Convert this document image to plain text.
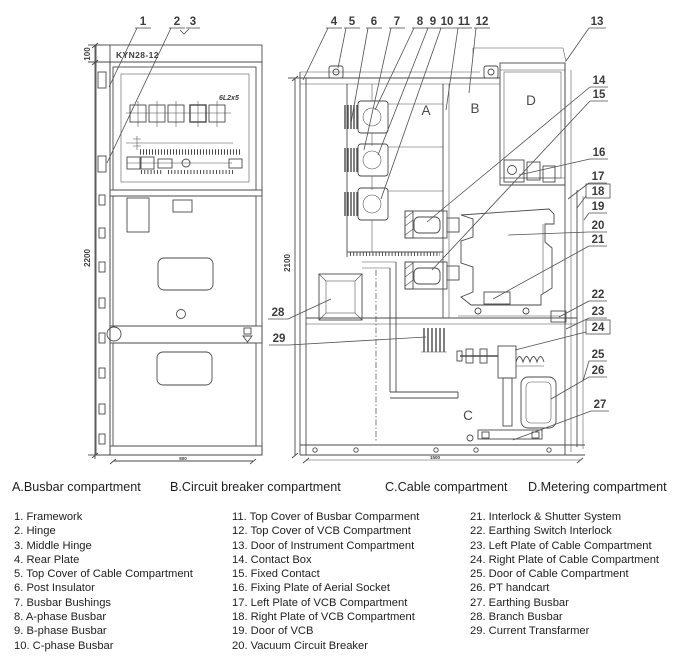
100
2200
KYN28-12
6L2x5
800
2100
1500
A	B
C
D
1 2 3	4 5 6 7 8 9 10 11 12	13
14
15
16
17
18
19
20
21
22
23
24
25
26
27
28
29
A.Busbar compartment B.Circuit breaker compartment	C.Cable compartment D.Metering compartment
1. Framework
2. Hinge
3. Middle Hinge
4. Rear Plate
5. Top Cover of Cable Compartment
6. Post Insulator
7. Busbar Bushings
8. A-phase Busbar
9. B-phase Busbar
10. C-phase Busbar
11. Top Cover of Busbar Comparment
12. Top Cover of VCB Compartment
13. Door of Instrument Compartment
14. Contact Box
15. Fixed Contact
16. Fixing Plate of Aerial Socket
17. Left Plate of VCB Compartment
18. Right Plate of VCB Compartment
19. Door of VCB
20. Vacuum Circuit Breaker
21. Interlock & Shutter System
22. Earthing Switch Interlock
23. Left Plate of Cable Compartment
24. Right Plate of Cable Compartment
25. Door of Cable Compartment
26. PT handcart
27. Earthing Busbar
28. Branch Busbar
29. Current Transfarmer
